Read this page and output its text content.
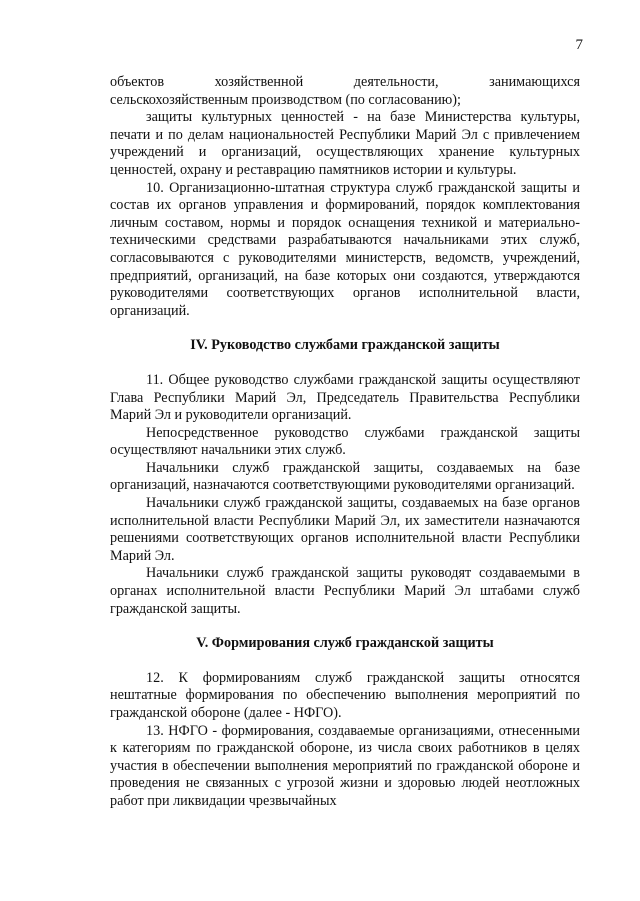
7

объектов хозяйственной деятельности, занимающихся сельскохозяйственным производством (по согласованию);

защиты культурных ценностей - на базе Министерства культуры, печати и по делам национальностей Республики Марий Эл с привлечением учреждений и организаций, осуществляющих хранение культурных ценностей, охрану и реставрацию памятников истории и культуры.

10. Организационно-штатная структура служб гражданской защиты и состав их органов управления и формирований, порядок комплектования личным составом, нормы и порядок оснащения техникой и материально-техническими средствами разрабатываются начальниками этих служб, согласовываются с руководителями министерств, ведомств, учреждений, предприятий, организаций, на базе которых они создаются, утверждаются руководителями соответствующих органов исполнительной власти, организаций.

IV. Руководство службами гражданской защиты

11. Общее руководство службами гражданской защиты осуществляют Глава Республики Марий Эл, Председатель Правительства Республики Марий Эл и руководители организаций.

Непосредственное руководство службами гражданской защиты осуществляют начальники этих служб.

Начальники служб гражданской защиты, создаваемых на базе организаций, назначаются соответствующими руководителями организаций.

Начальники служб гражданской защиты, создаваемых на базе органов исполнительной власти Республики Марий Эл, их заместители назначаются решениями соответствующих органов исполнительной власти Республики Марий Эл.

Начальники служб гражданской защиты руководят создаваемыми в органах исполнительной власти Республики Марий Эл штабами служб гражданской защиты.

V. Формирования служб гражданской защиты

12. К формированиям служб гражданской защиты относятся нештатные формирования по обеспечению выполнения мероприятий по гражданской обороне (далее - НФГО).

13. НФГО - формирования, создаваемые организациями, отнесенными к категориям по гражданской обороне, из числа своих работников в целях участия в обеспечении выполнения мероприятий по гражданской обороне и проведения не связанных с угрозой жизни и здоровью людей неотложных работ при ликвидации чрезвычайных
